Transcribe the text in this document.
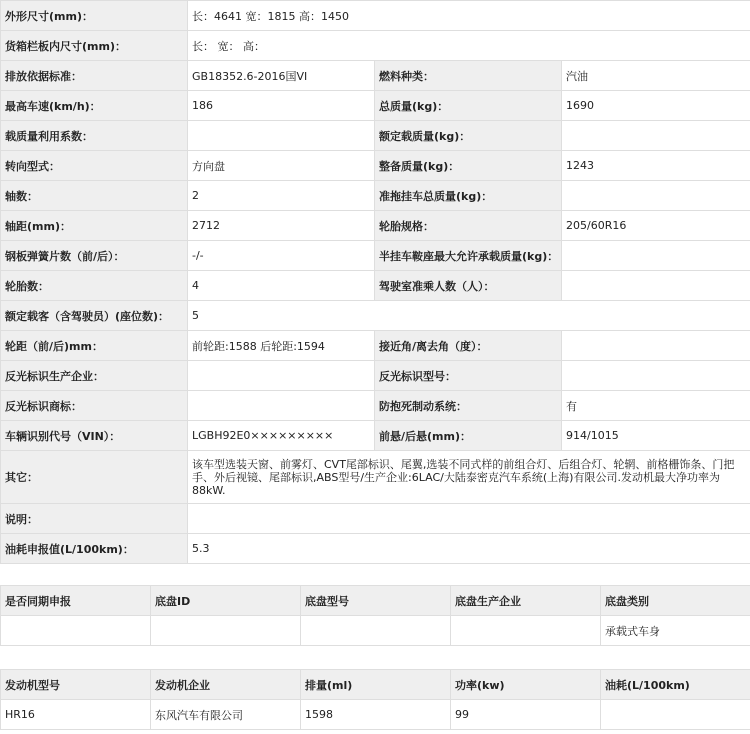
外形尺寸(mm)：	长：4641 宽：1815 高：1450		
货箱栏板内尺寸(mm)：	长： 宽： 高：		
排放依据标准：	GB18352.6-2016国VI	燃料种类：	汽油
最高车速(km/h)：	186	总质量(kg)：	1690
载质量利用系数：		额定载质量(kg)：	
转向型式：	方向盘	整备质量(kg)：	1243
轴数：	2	准拖挂车总质量(kg)：	
轴距(mm)：	2712	轮胎规格：	205/60R16
钢板弹簧片数（前/后）：	-/-	半挂车鞍座最大允许承载质量(kg)：	
轮胎数：	4	驾驶室准乘人数（人）：	
额定载客（含驾驶员）(座位数)：	5		
轮距（前/后)mm：	前轮距:1588 后轮距:1594	接近角/离去角（度）：	
反光标识生产企业：		反光标识型号：	
反光标识商标：		防抱死制动系统：	有
车辆识别代号（VIN）：	LGBH92E0×××××××××	前悬/后悬(mm)：	914/1015
其它：	该车型选装天窗、前雾灯、CVT尾部标识、尾翼,选装不同式样的前组合灯、后组合灯、轮辋、前格栅饰条、门把手、外后视镜、尾部标识,ABS型号/生产企业:6LAC/大陆泰密克汽车系统(上海)有限公司.发动机最大净功率为88kW.		
说明：			
油耗申报值(L/100km)：	5.3		
是否同期申报	底盘ID	底盘型号	底盘生产企业	底盘类别
				承载式车身
发动机型号	发动机企业	排量(ml)	功率(kw)	油耗(L/100km)
HR16	东风汽车有限公司	1598	99	
